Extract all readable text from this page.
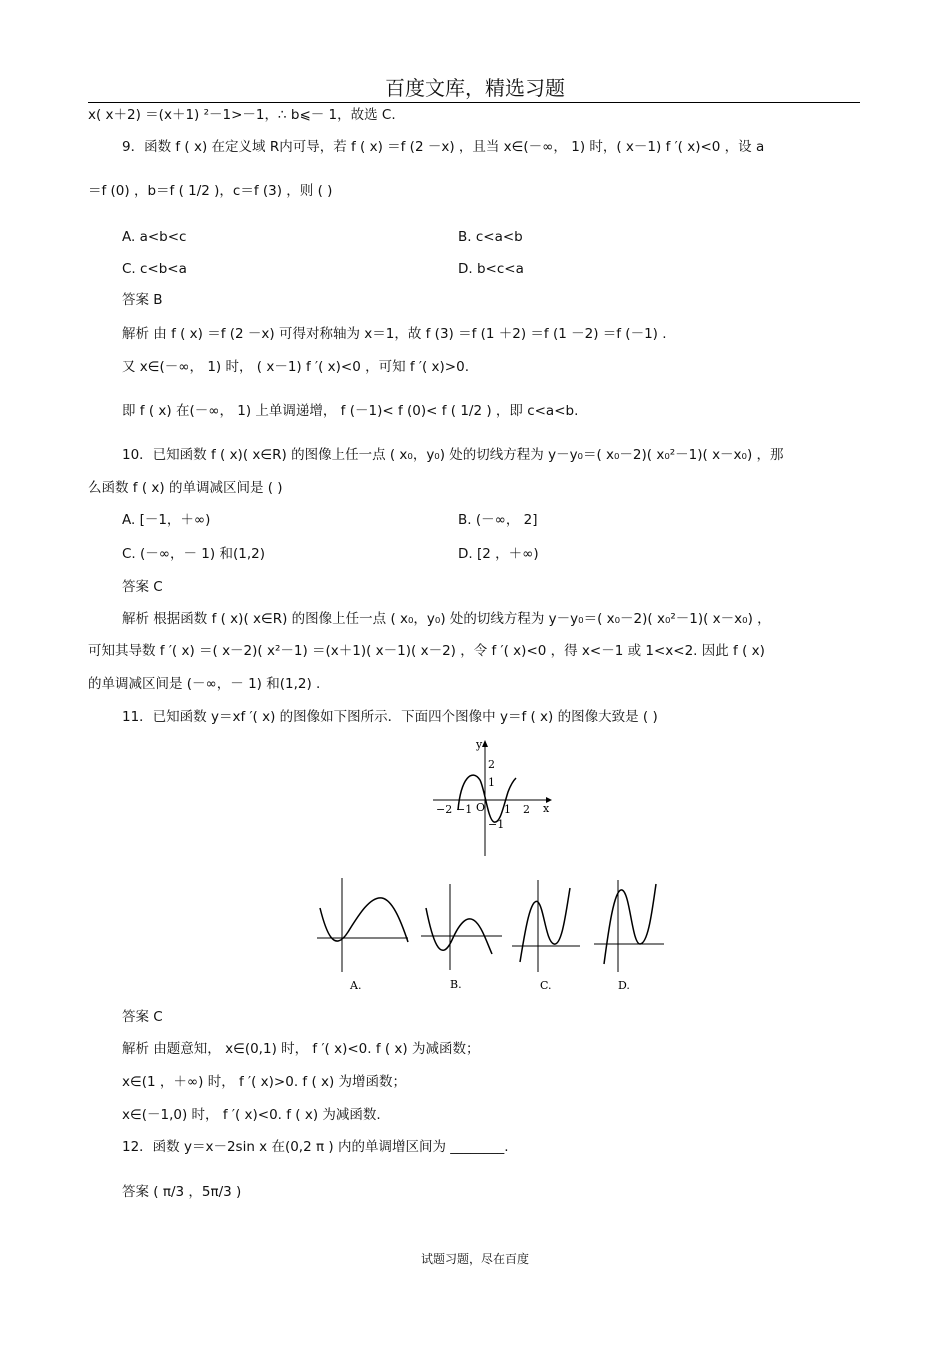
百度文库，精选习题
x( x＋2) ＝(x＋1) ²－1>－1，∴ b⩽－ 1，故选 C.
9．函数 f ( x) 在定义域 R内可导，若 f ( x) ＝f (2 －x) ，且当 x∈(－∞， 1) 时，( x－1) f ′( x)<0 ，设 a
＝f (0) ，b＝f ( 1/2 )，c＝f (3) ，则 ( )
A. a<b<c	B. c<a<b
C. c<b<a	D. b<c<a
答案 B
解析 由 f ( x) ＝f (2 －x) 可得对称轴为 x＝1，故 f (3) ＝f (1 ＋2) ＝f (1 －2) ＝f (－1) .
又 x∈(－∞， 1) 时， ( x－1) f ′( x)<0 ，可知 f ′( x)>0.
即 f ( x) 在(－∞， 1) 上单调递增， f (－1)< f (0)< f ( 1/2 ) ，即 c<a<b.
10．已知函数 f ( x)( x∈R) 的图像上任一点 ( x₀，y₀) 处的切线方程为 y－y₀＝( x₀－2)( x₀²－1)( x－x₀) ，那
么函数 f ( x) 的单调减区间是 ( )
A. [－1，＋∞)	B. (－∞， 2]
C. (－∞，－ 1) 和(1,2)	D. [2 ，＋∞)
答案 C
解析 根据函数 f ( x)( x∈R) 的图像上任一点 ( x₀，y₀) 处的切线方程为 y－y₀＝( x₀－2)( x₀²－1)( x－x₀) ，
可知其导数 f ′( x) ＝( x－2)( x²－1) ＝(x＋1)( x－1)( x－2) ，令 f ′( x)<0 ，得 x<－1 或 1<x<2. 因此 f ( x)
的单调减区间是 (－∞，－ 1) 和(1,2) .
11．已知函数 y＝xf ′( x) 的图像如下图所示．下面四个图像中 y＝f ( x) 的图像大致是 ( )
y
x
O
−2 −1	1 2
1
2
−1
A.	B.	C.	D.
答案 C
解析 由题意知， x∈(0,1) 时， f ′( x)<0. f ( x) 为减函数；
x∈(1 ，＋∞) 时， f ′( x)>0. f ( x) 为增函数；
x∈(－1,0) 时， f ′( x)<0. f ( x) 为减函数.
12．函数 y＝x－2sin x 在(0,2 π ) 内的单调增区间为 ________.
答案 ( π/3 ，5π/3 )
试题习题，尽在百度
